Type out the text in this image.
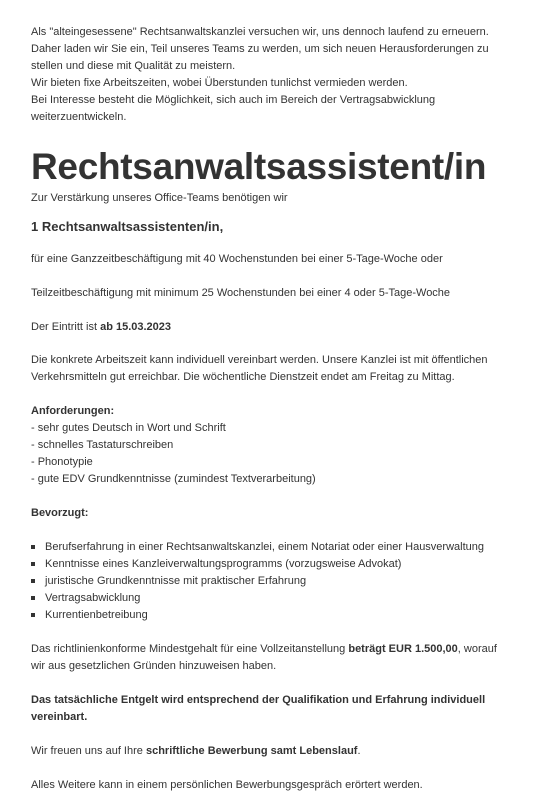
Als "alteingesessene" Rechtsanwaltskanzlei versuchen wir, uns dennoch laufend zu erneuern.

Daher laden wir Sie ein, Teil unseres Teams zu werden, um sich neuen Herausforderungen zu

stellen und diese mit Qualität zu meistern.

Wir bieten fixe Arbeitszeiten, wobei Überstunden tunlichst vermieden werden.

Bei Interesse besteht die Möglichkeit, sich auch im Bereich der Vertragsabwicklung

weiterzuentwickeln.

Rechtsanwaltsassistent/in

Zur Verstärkung unseres Office-Teams benötigen wir

1 Rechtsanwaltsassistenten/in,

für eine Ganzzeitbeschäftigung mit 40 Wochenstunden bei einer 5-Tage-Woche oder

Teilzeitbeschäftigung mit minimum 25 Wochenstunden bei einer 4 oder 5-Tage-Woche

Der Eintritt ist ab 15.03.2023

Die konkrete Arbeitszeit kann individuell vereinbart werden. Unsere Kanzlei ist mit öffentlichen

Verkehrsmitteln gut erreichbar. Die wöchentliche Dienstzeit endet am Freitag zu Mittag.

Anforderungen:

- sehr gutes Deutsch in Wort und Schrift
- schnelles Tastaturschreiben
- Phonotypie
- gute EDV Grundkenntnisse (zumindest Textverarbeitung)

Bevorzugt:

Berufserfahrung in einer Rechtsanwaltskanzlei, einem Notariat oder einer Hausverwaltung
Kenntnisse eines Kanzleiverwaltungsprogramms (vorzugsweise Advokat)
juristische Grundkenntnisse mit praktischer Erfahrung
Vertragsabwicklung
Kurrentienbetreibung

Das richtlinienkonforme Mindestgehalt für eine Vollzeitanstellung beträgt EUR 1.500,00, worauf

wir aus gesetzlichen Gründen hinzuweisen haben.

Das tatsächliche Entgelt wird entsprechend der Qualifikation und Erfahrung individuell

vereinbart.

Wir freuen uns auf Ihre schriftliche Bewerbung samt Lebenslauf.

Alles Weitere kann in einem persönlichen Bewerbungsgespräch erörtert werden.
